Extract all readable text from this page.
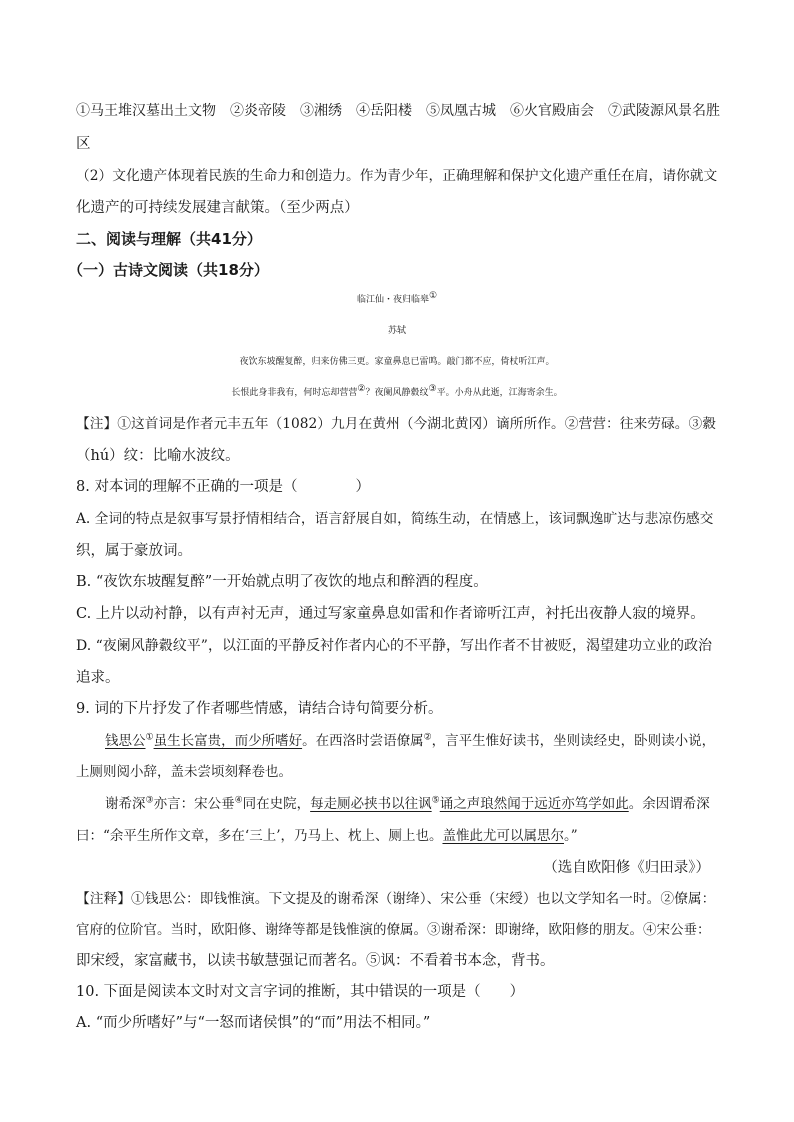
①马王堆汉墓出土文物　②炎帝陵　③湘绣　④岳阳楼　⑤凤凰古城　⑥火官殿庙会　⑦武陵源风景名胜
区
（2）文化遗产体现着民族的生命力和创造力。作为青少年，正确理解和保护文化遗产重任在肩，请你就文
化遗产的可持续发展建言献策。（至少两点）
二、阅读与理解（共41分）
（一）古诗文阅读（共18分）
临江仙・夜归临皋①
苏轼
夜饮东坡醒复醉，归来仿佛三更。家童鼻息已雷鸣。敲门都不应，倚杖听江声。
长恨此身非我有，何时忘却营营②？夜阑风静縠纹③平。小舟从此逝，江海寄余生。
【注】①这首词是作者元丰五年（1082）九月在黄州（今湖北黄冈）谪所所作。②营营：往来劳碌。③縠
（hú）纹：比喻水波纹。
8. 对本词的理解不正确的一项是（　　　　）
A. 全词的特点是叙事写景抒情相结合，语言舒展自如，简练生动，在情感上，该词飘逸旷达与悲凉伤感交
织，属于豪放词。
B. “夜饮东坡醒复醉”一开始就点明了夜饮的地点和醉酒的程度。
C. 上片以动衬静，以有声衬无声，通过写家童鼻息如雷和作者谛听江声，衬托出夜静人寂的境界。
D. “夜阑风静縠纹平”，以江面的平静反衬作者内心的不平静，写出作者不甘被贬，渴望建功立业的政治
追求。
9. 词的下片抒发了作者哪些情感，请结合诗句简要分析。
钱思公①虽生长富贵，而少所嗜好。在西洛时尝语僚属②，言平生惟好读书，坐则读经史，卧则读小说，
上厕则阅小辞，盖未尝顷刻释卷也。
谢希深③亦言：宋公垂④同在史院，每走厕必挟书以往讽⑤诵之声琅然闻于远近亦笃学如此。余因谓希深
曰：“余平生所作文章，多在‘三上’，乃马上、枕上、厕上也。盖惟此尤可以属思尔。”
（选自欧阳修《归田录》）
【注释】①钱思公：即钱惟演。下文提及的谢希深（谢绛）、宋公垂（宋绶）也以文学知名一时。②僚属：
官府的位阶官。当时，欧阳修、谢绛等都是钱惟演的僚属。③谢希深：即谢绛，欧阳修的朋友。④宋公垂：
即宋绶，家富藏书，以读书敏慧强记而著名。⑤讽：不看着书本念，背书。
10. 下面是阅读本文时对文言字词的推断，其中错误的一项是（　　）
A. “而少所嗜好”与“一怒而诸侯惧”的“而”用法不相同。”
